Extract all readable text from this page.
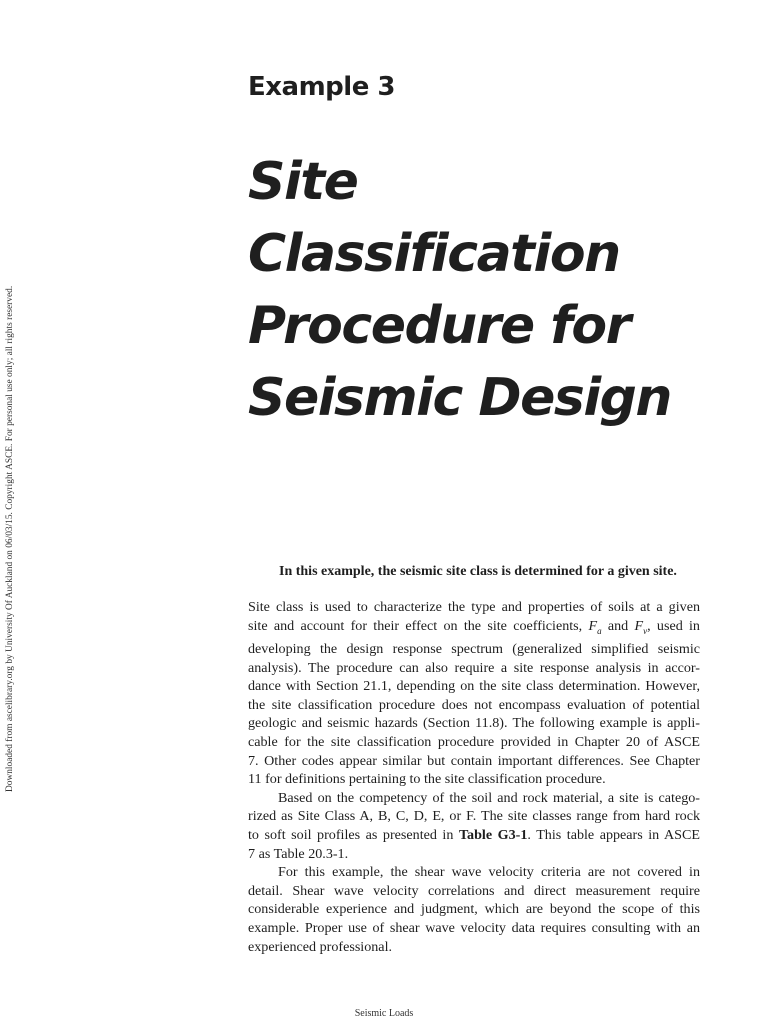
Downloaded from ascelibrary.org by University Of Auckland on 06/03/15. Copyright ASCE. For personal use only; all rights reserved.
Example 3
Site
Classification
Procedure for
Seismic Design

In this example, the seismic site class is determined for a given site.

Site class is used to characterize the type and properties of soils at a given
site and account for their effect on the site coefficients, $F_a$ and $F_v$, used in
developing the design response spectrum (generalized simplified seismic
analysis). The procedure can also require a site response analysis in accor-
dance with Section 21.1, depending on the site class determination. However,
the site classification procedure does not encompass evaluation of potential
geologic and seismic hazards (Section 11.8). The following example is appli-
cable for the site classification procedure provided in Chapter 20 of ASCE
7. Other codes appear similar but contain important differences. See Chapter
11 for definitions pertaining to the site classification procedure.

Based on the competency of the soil and rock material, a site is catego-
rized as Site Class A, B, C, D, E, or F. The site classes range from hard rock
to soft soil profiles as presented in Table G3-1. This table appears in ASCE
7 as Table 20.3-1.

For this example, the shear wave velocity criteria are not covered in
detail. Shear wave velocity correlations and direct measurement require
considerable experience and judgment, which are beyond the scope of this
example. Proper use of shear wave velocity data requires consulting with an
experienced professional.

Seismic Loads
